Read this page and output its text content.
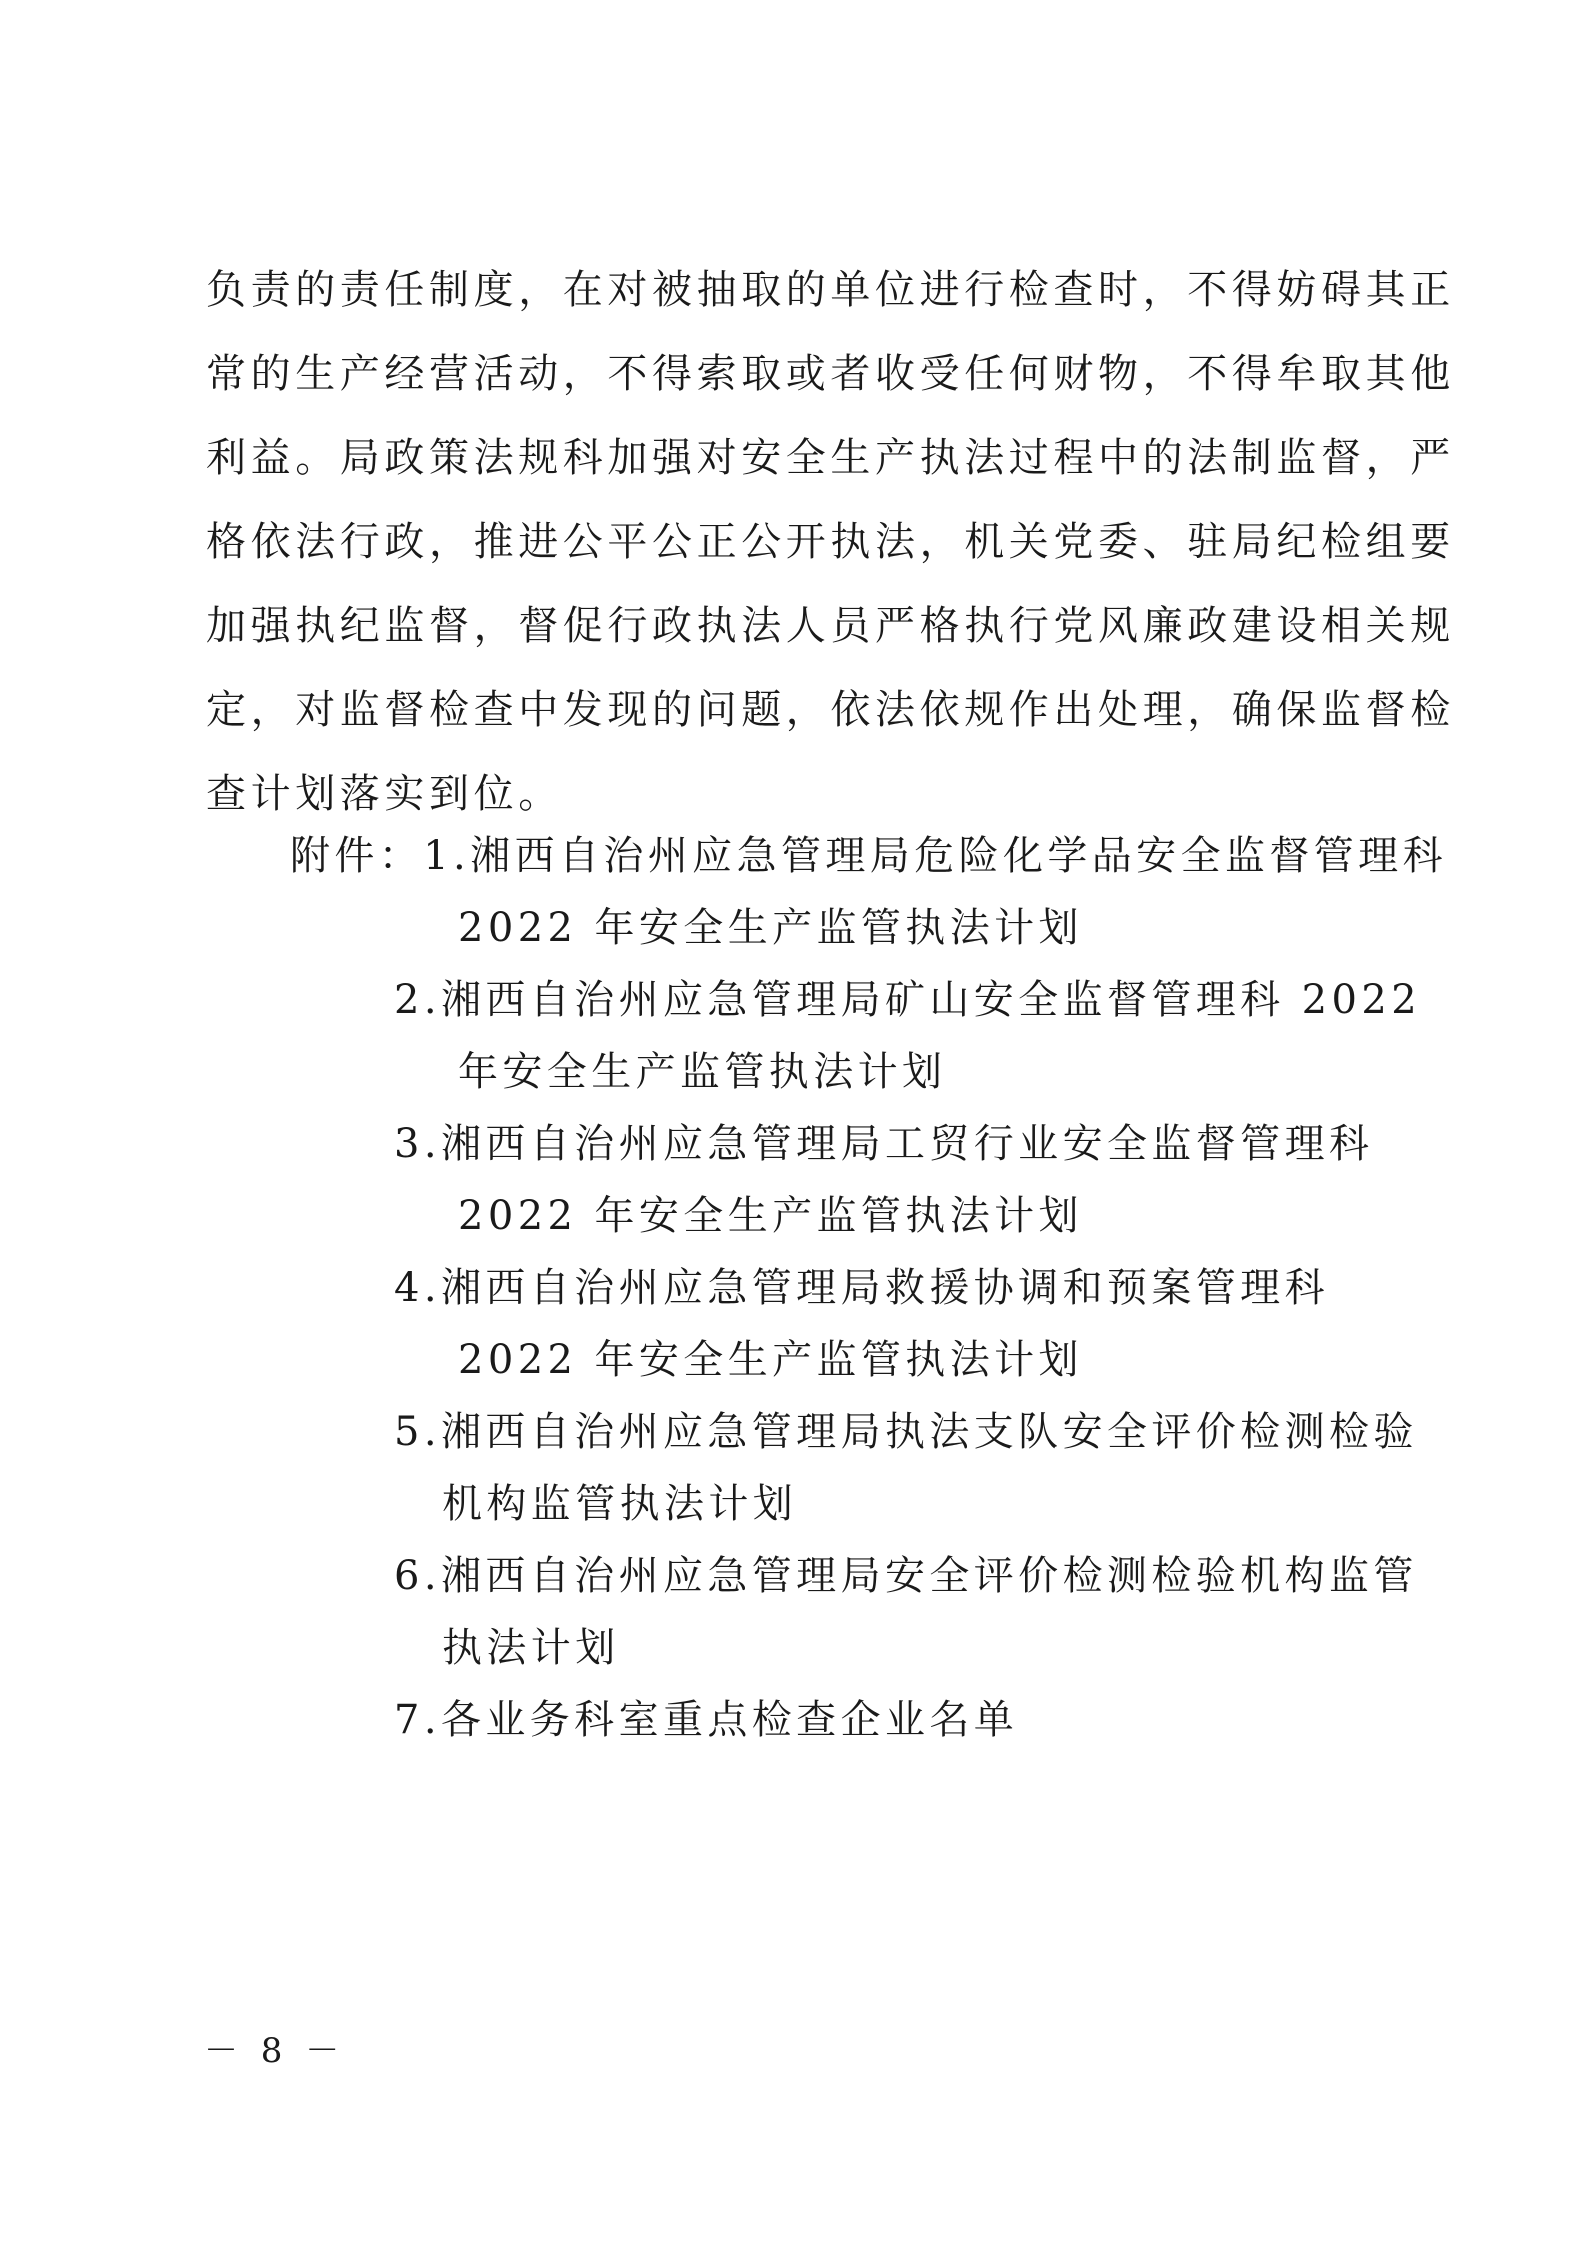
负责的责任制度，在对被抽取的单位进行检查时，不得妨碍其正
常的生产经营活动，不得索取或者收受任何财物，不得牟取其他
利益。局政策法规科加强对安全生产执法过程中的法制监督，严
格依法行政，推进公平公正公开执法，机关党委、驻局纪检组要
加强执纪监督，督促行政执法人员严格执行党风廉政建设相关规
定，对监督检查中发现的问题，依法依规作出处理，确保监督检
查计划落实到位。
附件：1.湘西自治州应急管理局危险化学品安全监督管理科
2022 年安全生产监管执法计划
2.湘西自治州应急管理局矿山安全监督管理科 2022
年安全生产监管执法计划
3.湘西自治州应急管理局工贸行业安全监督管理科
2022 年安全生产监管执法计划
4.湘西自治州应急管理局救援协调和预案管理科
2022 年安全生产监管执法计划
5.湘西自治州应急管理局执法支队安全评价检测检验
机构监管执法计划
6.湘西自治州应急管理局安全评价检测检验机构监管
执法计划
7.各业务科室重点检查企业名单
－ 8 －
